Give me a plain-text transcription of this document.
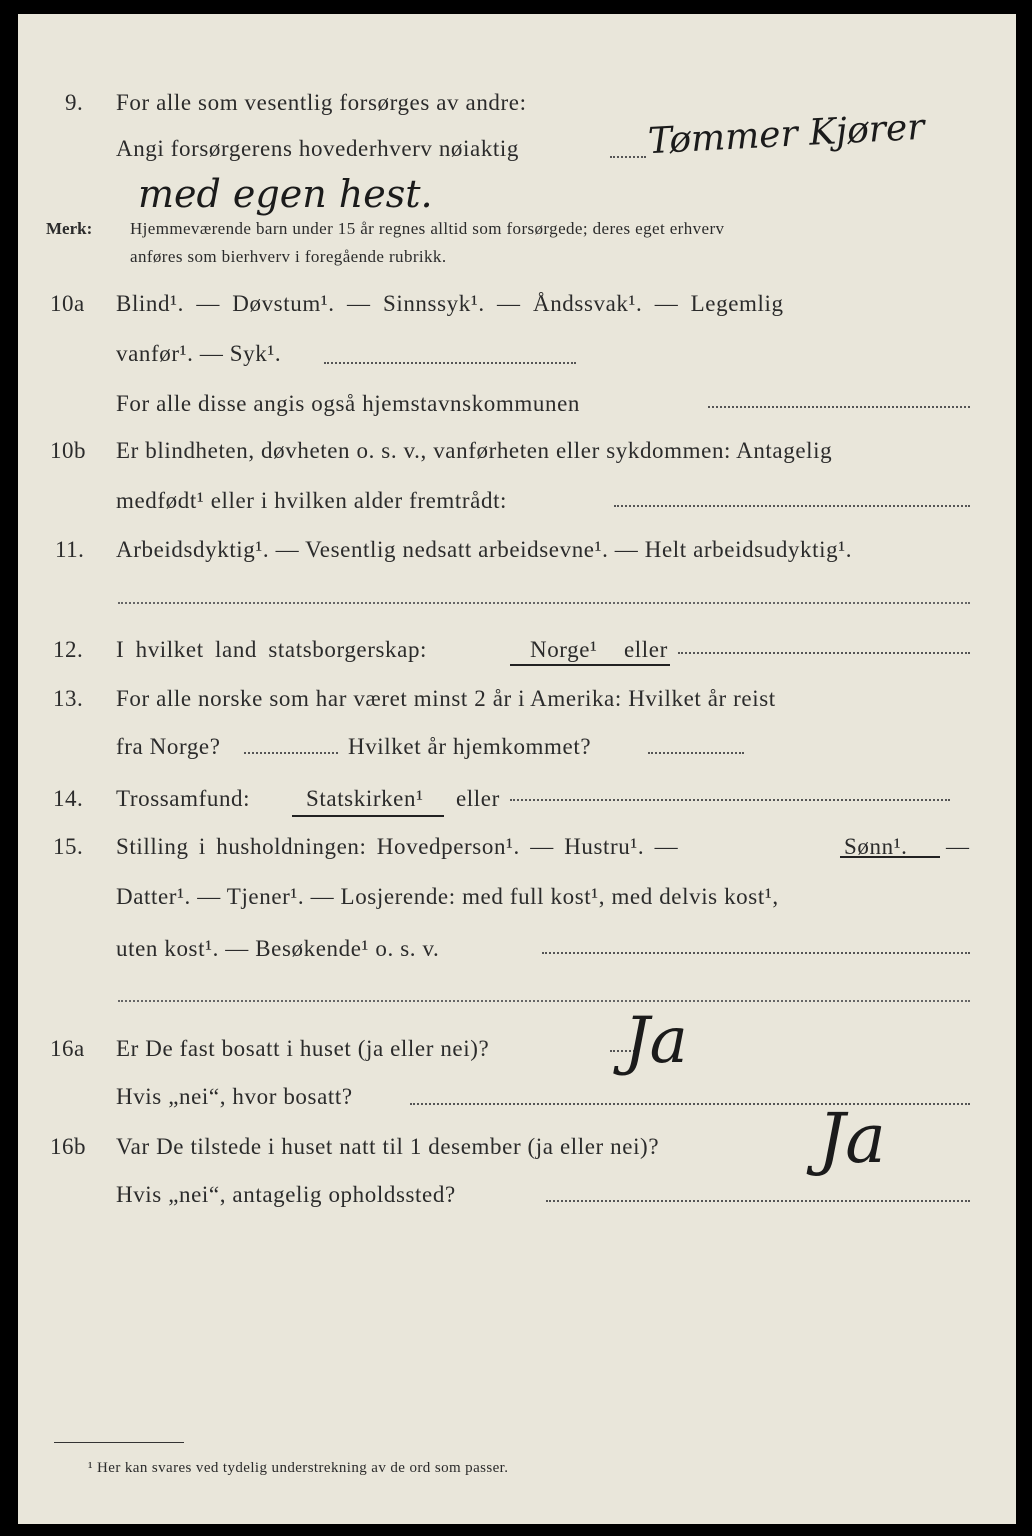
9. For alle som vesentlig forsørges av andre:
Angi forsørgerens hovederhverv nøiaktig	Tømmer Kjører
med egen hest.
Merk: Hjemmeværende barn under 15 år regnes alltid som forsørgede; deres eget erhverv
anføres som bierhverv i foregående rubrikk.
10a Blind¹. — Døvstum¹. — Sinnssyk¹. — Åndssvak¹. — Legemlig
vanfør¹. — Syk¹.
For alle disse angis også hjemstavnskommunen
10b Er blindheten, døvheten o. s. v., vanførheten eller sykdommen: Antagelig
medfødt¹ eller i hvilken alder fremtrådt:
11. Arbeidsdyktig¹. — Vesentlig nedsatt arbeidsevne¹. — Helt arbeidsudyktig¹.
12. I hvilket land statsborgerskap:	Norge¹ eller
13. For alle norske som har været minst 2 år i Amerika: Hvilket år reist
fra Norge?	Hvilket år hjemkommet?
14. Trossamfund: Statskirken¹ eller
15. Stilling i husholdningen: Hovedperson¹. — Hustru¹. —	Sønn¹. —
Datter¹. — Tjener¹. — Losjerende: med full kost¹, med delvis kost¹,
uten kost¹. — Besøkende¹ o. s. v.
16a Er De fast bosatt i huset (ja eller nei)? Ja
Hvis „nei“, hvor bosatt?
16b Var De tilstede i huset natt til 1 desember (ja eller nei)? Ja
Hvis „nei“, antagelig opholdssted?
¹ Her kan svares ved tydelig understrekning av de ord som passer.
